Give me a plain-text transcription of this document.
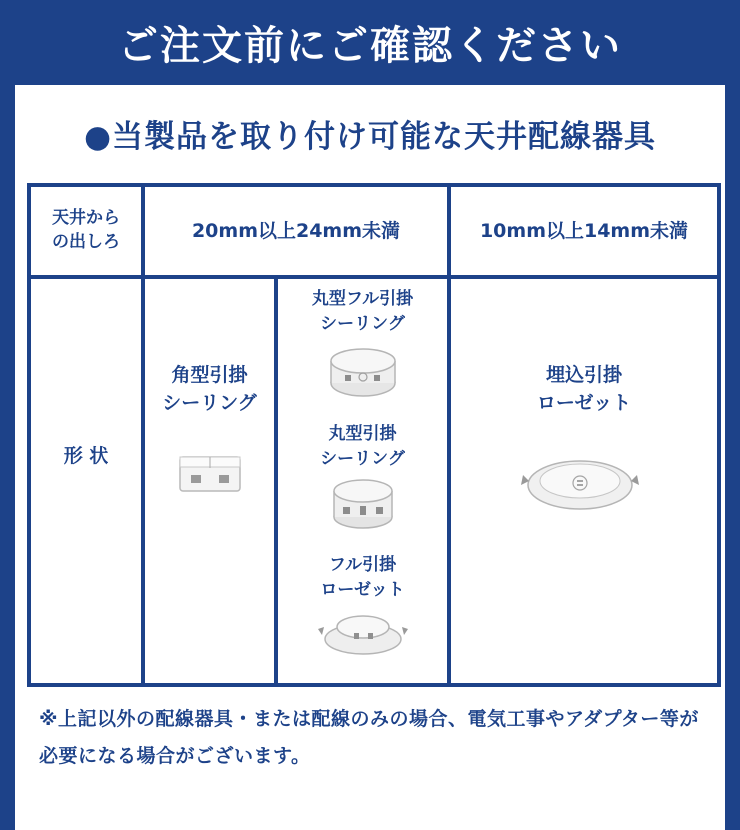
ご注文前にご確認ください
●当製品を取り付け可能な天井配線器具
天井から
の出しろ
20mm以上24mm未満	10mm以上14mm未満
形 状
角型引掛
シーリング
丸型フル引掛
シーリング
丸型引掛
シーリング
フル引掛
ローゼット
埋込引掛
ローゼット
※上記以外の配線器具・または配線のみの場合、電気工事やアダプター等が必要になる場合がございます。
